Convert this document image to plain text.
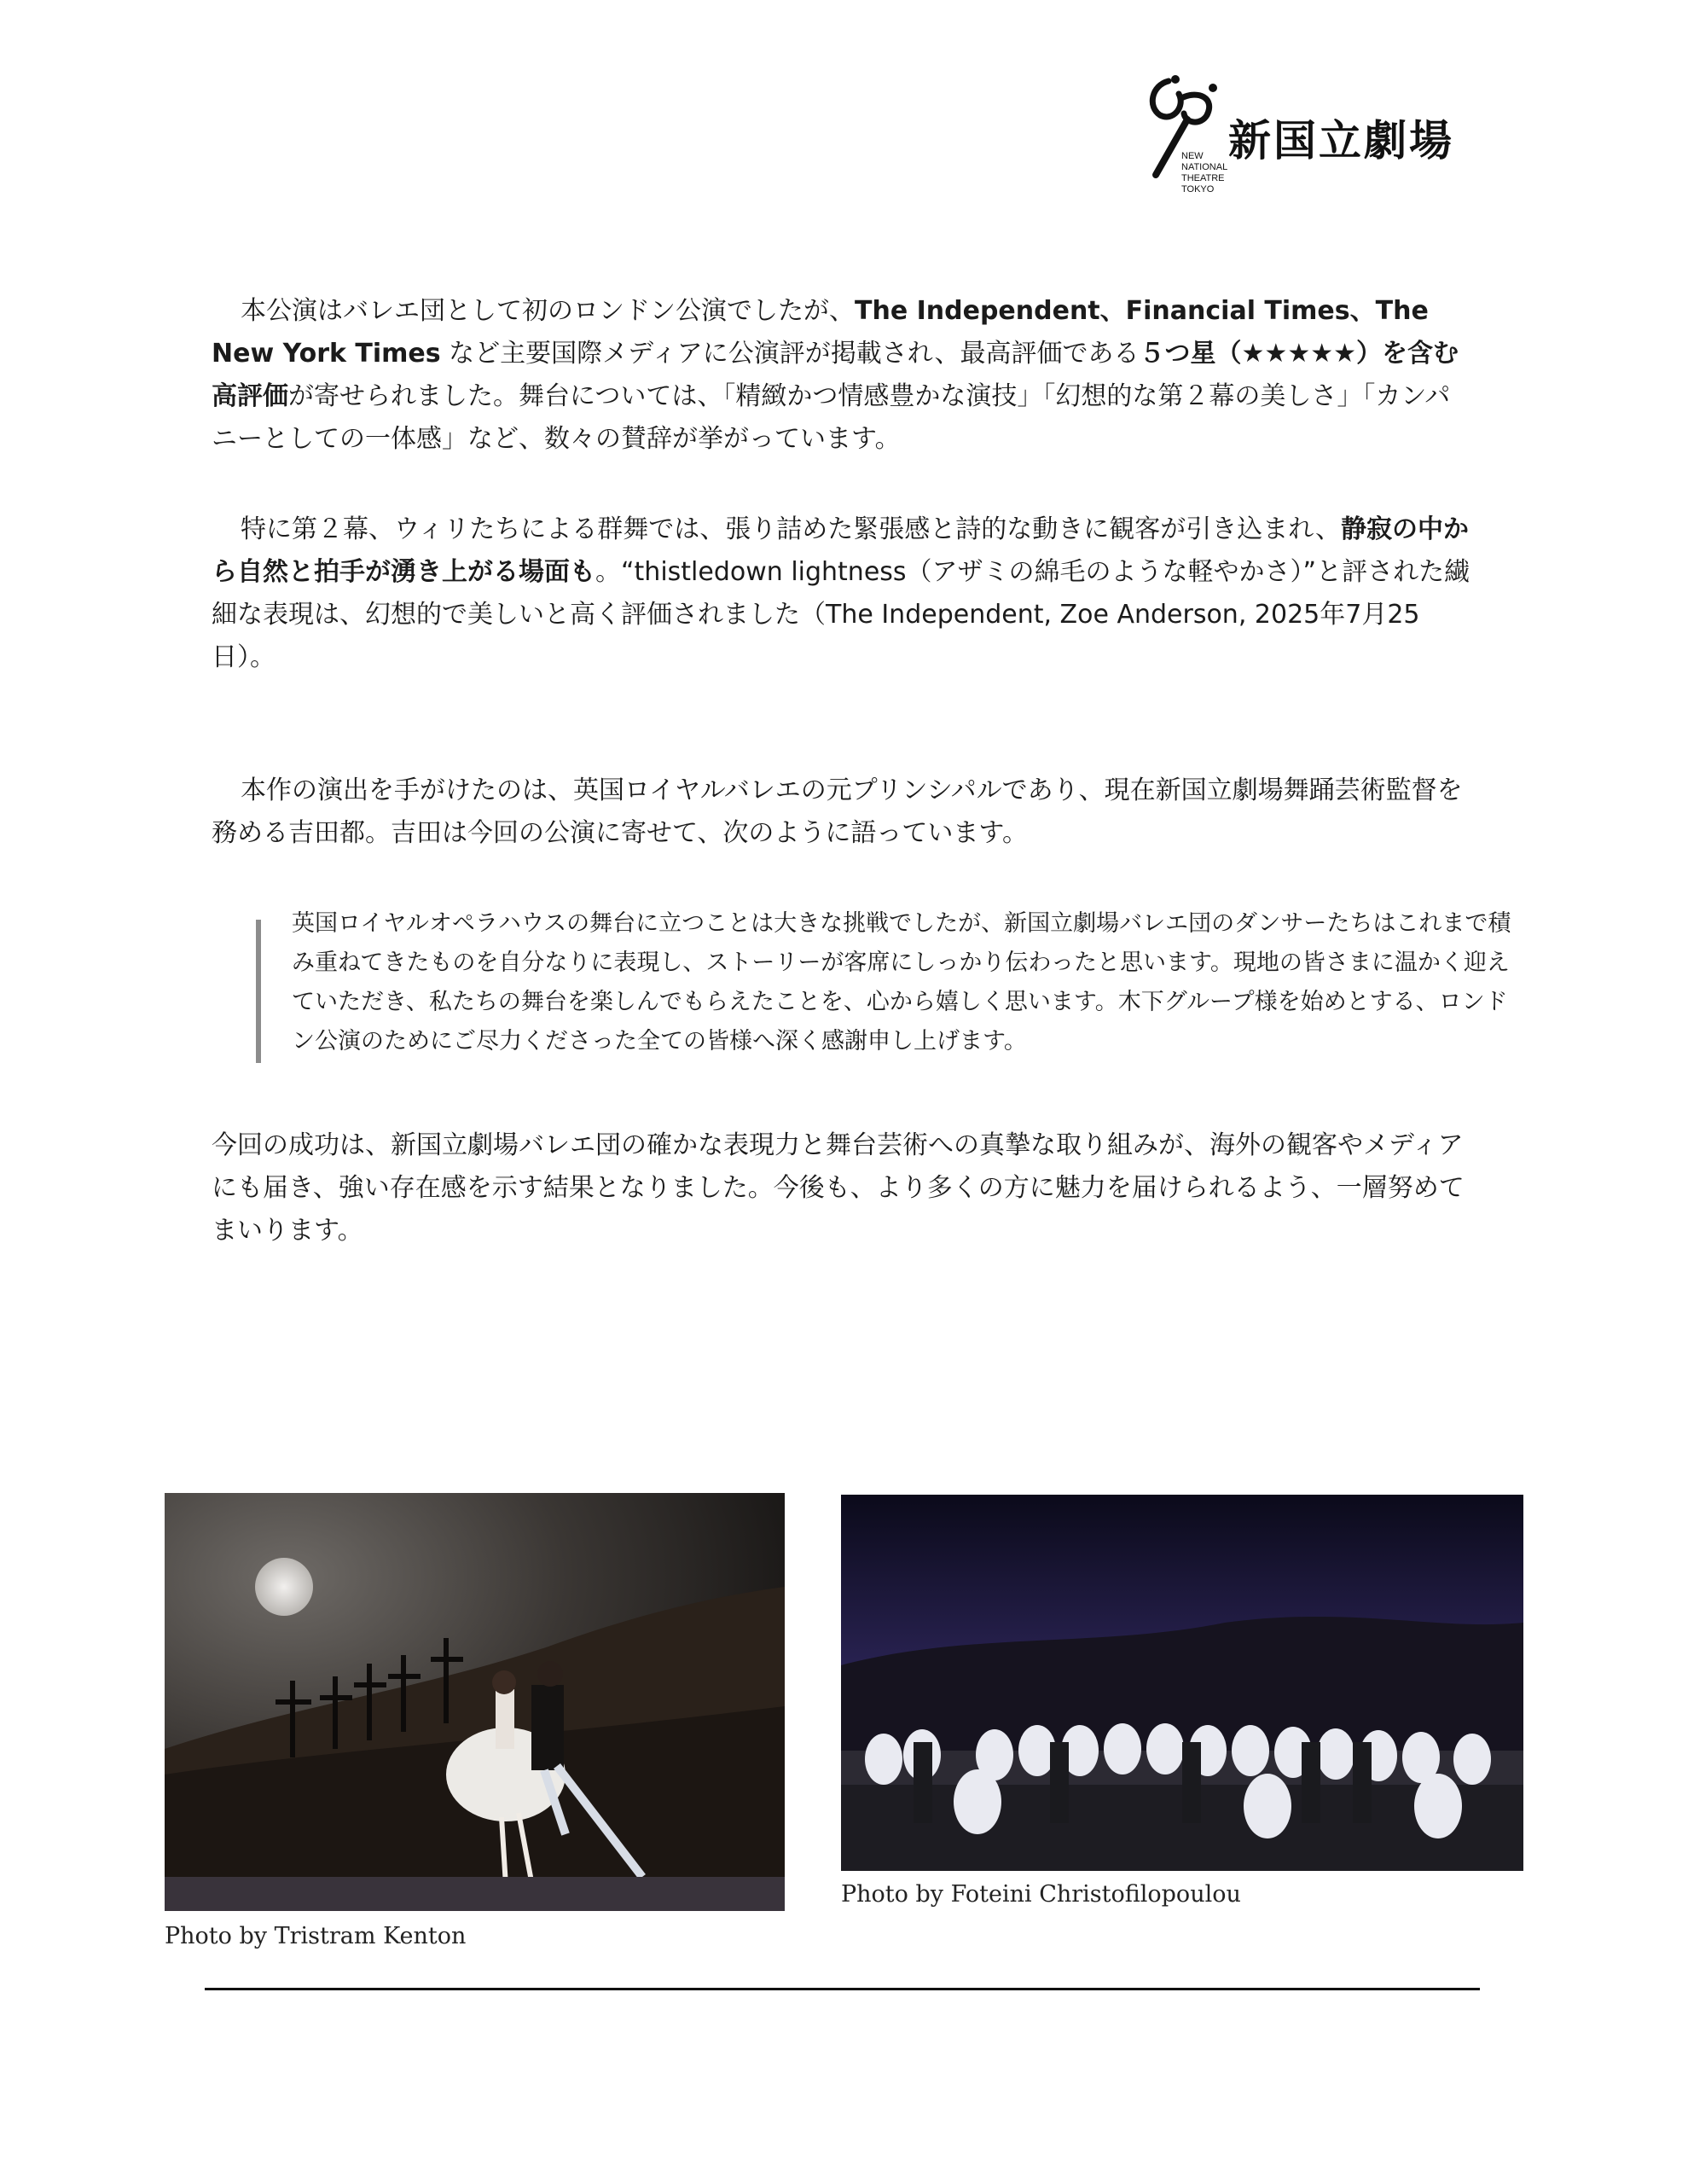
新国立劇場
NEW
NATIONAL
THEATRE
TOKYO

本公演はバレエ団として初のロンドン公演でしたが、The Independent、Financial Times、The New York Times など主要国際メディアに公演評が掲載され、最高評価である５つ星（★★★★★）を含む高評価が寄せられました。舞台については、「精緻かつ情感豊かな演技」「幻想的な第２幕の美しさ」「カンパニーとしての一体感」など、数々の賛辞が挙がっています。

特に第２幕、ウィリたちによる群舞では、張り詰めた緊張感と詩的な動きに観客が引き込まれ、静寂の中から自然と拍手が湧き上がる場面も。“thistledown lightness（アザミの綿毛のような軽やかさ）”と評された繊細な表現は、幻想的で美しいと高く評価されました（The Independent, Zoe Anderson, 2025年7月25日）。

本作の演出を手がけたのは、英国ロイヤルバレエの元プリンシパルであり、現在新国立劇場舞踊芸術監督を務める吉田都。吉田は今回の公演に寄せて、次のように語っています。

英国ロイヤルオペラハウスの舞台に立つことは大きな挑戦でしたが、新国立劇場バレエ団のダンサーたちはこれまで積み重ねてきたものを自分なりに表現し、ストーリーが客席にしっかり伝わったと思います。現地の皆さまに温かく迎えていただき、私たちの舞台を楽しんでもらえたことを、心から嬉しく思います。木下グループ様を始めとする、ロンドン公演のためにご尽力くださった全ての皆様へ深く感謝申し上げます。
今回の成功は、新国立劇場バレエ団の確かな表現力と舞台芸術への真摯な取り組みが、海外の観客やメディアにも届き、強い存在感を示す結果となりました。今後も、より多くの方に魅力を届けられるよう、一層努めてまいります。
Photo by Tristram Kenton
Photo by Foteini Christofilopoulou
